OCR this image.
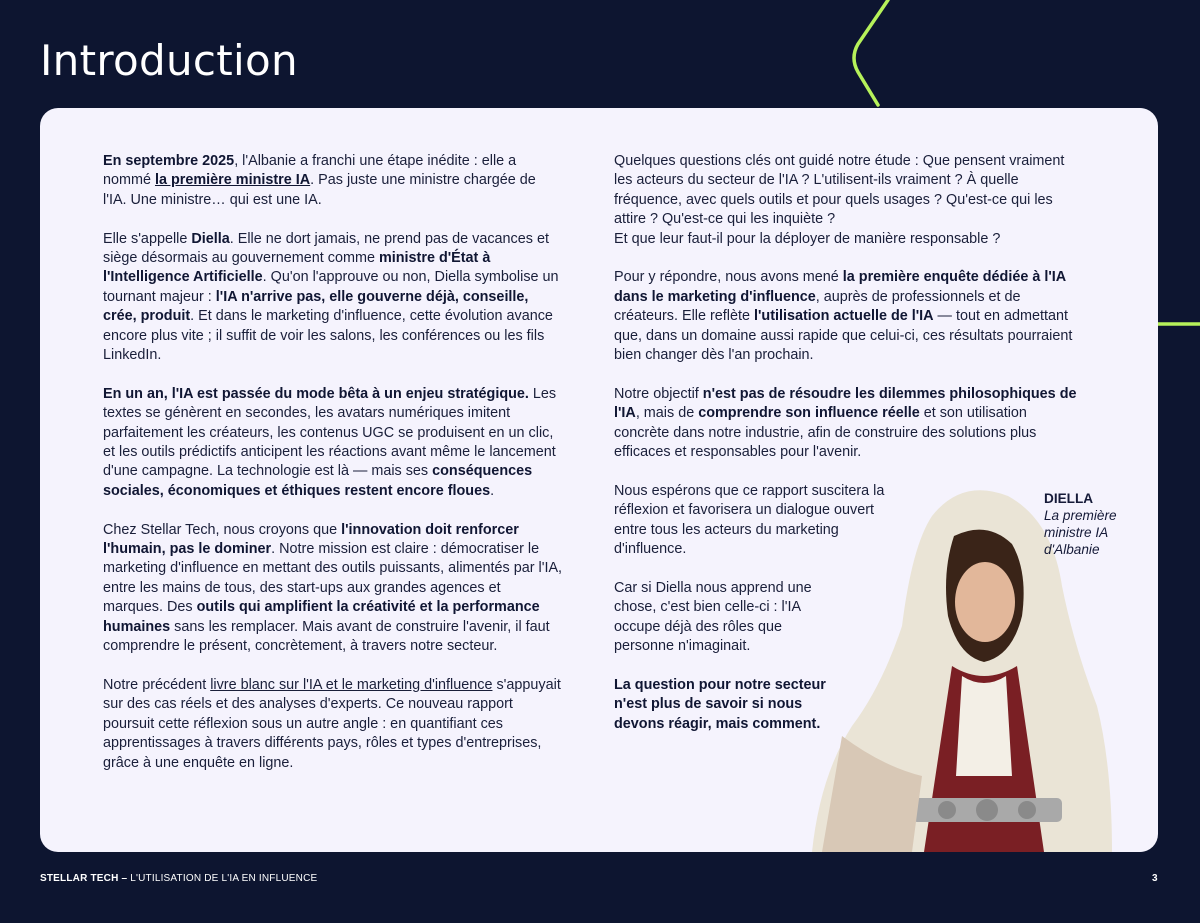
Introduction

En septembre 2025, l'Albanie a franchi une étape inédite : elle a nommé la première ministre IA. Pas juste une ministre chargée de l'IA. Une ministre… qui est une IA.

Elle s'appelle Diella. Elle ne dort jamais, ne prend pas de vacances et siège désormais au gouvernement comme ministre d'État à l'Intelligence Artificielle. Qu'on l'approuve ou non, Diella symbolise un tournant majeur : l'IA n'arrive pas, elle gouverne déjà, conseille, crée, produit. Et dans le marketing d'influence, cette évolution avance encore plus vite ; il suffit de voir les salons, les conférences ou les fils LinkedIn.

En un an, l'IA est passée du mode bêta à un enjeu stratégique. Les textes se génèrent en secondes, les avatars numériques imitent parfaitement les créateurs, les contenus UGC se produisent en un clic, et les outils prédictifs anticipent les réactions avant même le lancement d'une campagne. La technologie est là — mais ses conséquences sociales, économiques et éthiques restent encore floues.

Chez Stellar Tech, nous croyons que l'innovation doit renforcer l'humain, pas le dominer. Notre mission est claire : démocratiser le marketing d'influence en mettant des outils puissants, alimentés par l'IA, entre les mains de tous, des start-ups aux grandes agences et marques. Des outils qui amplifient la créativité et la performance humaines sans les remplacer. Mais avant de construire l'avenir, il faut comprendre le présent, concrètement, à travers notre secteur.

Notre précédent livre blanc sur l'IA et le marketing d'influence s'appuyait sur des cas réels et des analyses d'experts. Ce nouveau rapport poursuit cette réflexion sous un autre angle : en quantifiant ces apprentissages à travers différents pays, rôles et types d'entreprises, grâce à une enquête en ligne.

Quelques questions clés ont guidé notre étude : Que pensent vraiment les acteurs du secteur de l'IA ? L'utilisent-ils vraiment ? À quelle fréquence, avec quels outils et pour quels usages ? Qu'est-ce qui les attire ? Qu'est-ce qui les inquiète ?
Et que leur faut-il pour la déployer de manière responsable ?

Pour y répondre, nous avons mené la première enquête dédiée à l'IA dans le marketing d'influence, auprès de professionnels et de créateurs. Elle reflète l'utilisation actuelle de l'IA — tout en admettant que, dans un domaine aussi rapide que celui-ci, ces résultats pourraient bien changer dès l'an prochain.

Notre objectif n'est pas de résoudre les dilemmes philosophiques de l'IA, mais de comprendre son influence réelle et son utilisation concrète dans notre industrie, afin de construire des solutions plus efficaces et responsables pour l'avenir.

Nous espérons que ce rapport suscitera la réflexion et favorisera un dialogue ouvert entre tous les acteurs du marketing d'influence.

Car si Diella nous apprend une chose, c'est bien celle-ci : l'IA occupe déjà des rôles que personne n'imaginait.

La question pour notre secteur n'est plus de savoir si nous devons réagir, mais comment.

DIELLA
La première ministre IA d'Albanie
STELLAR TECH – L'UTILISATION DE L'IA EN INFLUENCE	3
